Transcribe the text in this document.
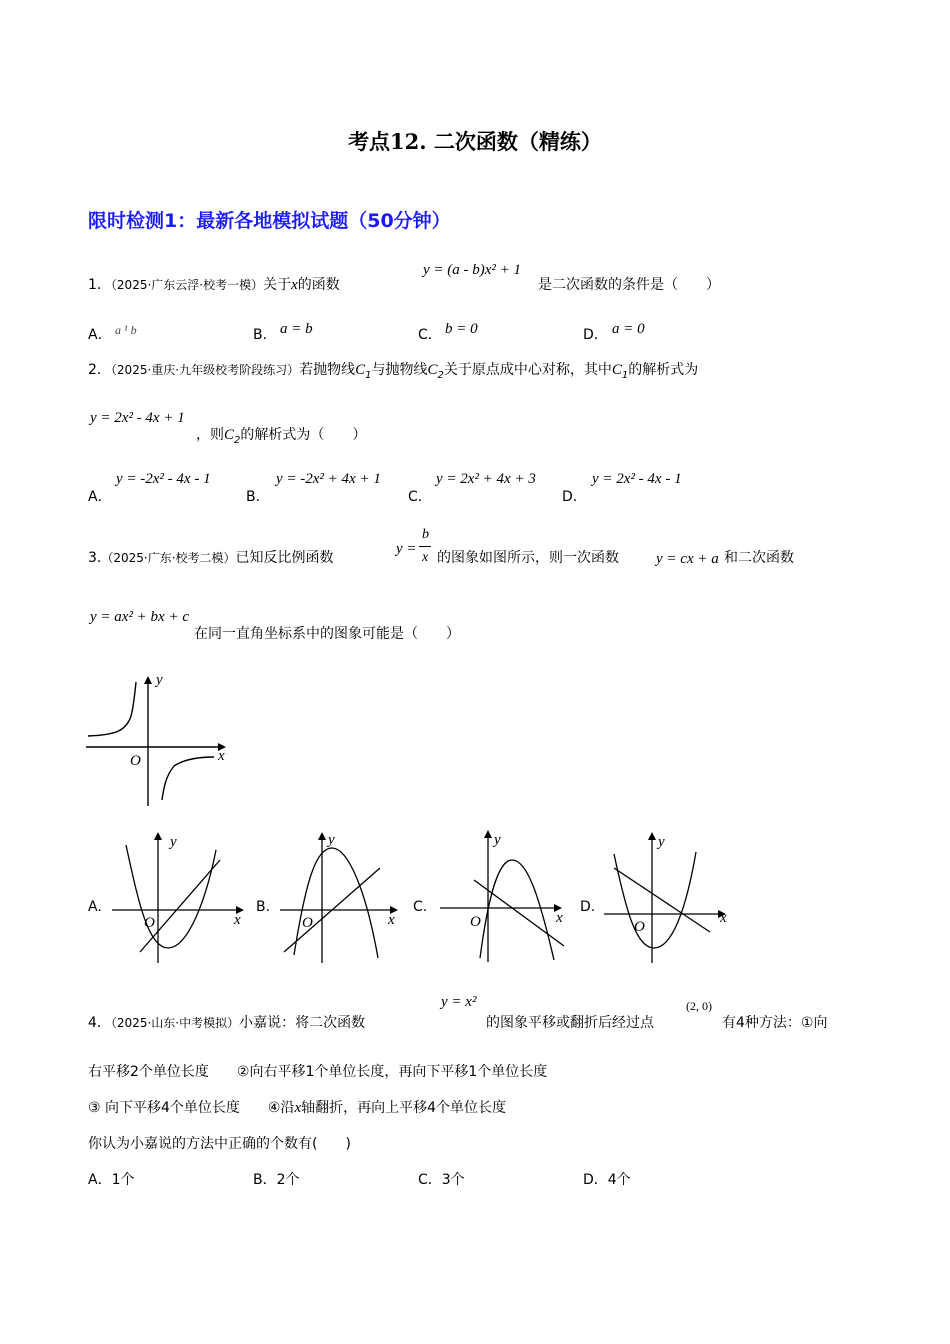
考点12. 二次函数（精练）
限时检测1：最新各地模拟试题（50分钟）
1．（2025·广东云浮·校考一模）关于x的函数
y = (a - b)x² + 1
是二次函数的条件是（　　）
A． a ¹ b	B． a = b	C． b = 0	D． a = 0
2．（2025·重庆·九年级校考阶段练习）若抛物线$C_1$与抛物线$C_2$关于原点成中心对称，其中$C_1$的解析式为
y = 2x² - 4x + 1
，则$C_2$的解析式为（　　）
A．
y = -2x² - 4x - 1
B．
y = -2x² + 4x + 1
C．
y = 2x² + 4x + 3
D．
y = 2x² - 4x - 1
3.（2025·广东·校考二模）已知反比例函数
y =
b
x 的图象如图所示，则一次函数 y = cx + a 和二次函数
y = ax² + bx + c
在同一直角坐标系中的图象可能是（　　）
y
x
O
A.
y
x
O
B.
y
x
O
C.
y
x
O
D.
y
x
O
4．（2025·山东·中考模拟）小嘉说：将二次函数
y = x²
的图象平移或翻折后经过点
(2, 0)
有4种方法：①向
右平移2个单位长度　　②向右平移1个单位长度，再向下平移1个单位长度
③ 向下平移4个单位长度　　④沿x轴翻折，再向上平移4个单位长度
你认为小嘉说的方法中正确的个数有(　　)
A．1个	B．2个	C．3个	D．4个
